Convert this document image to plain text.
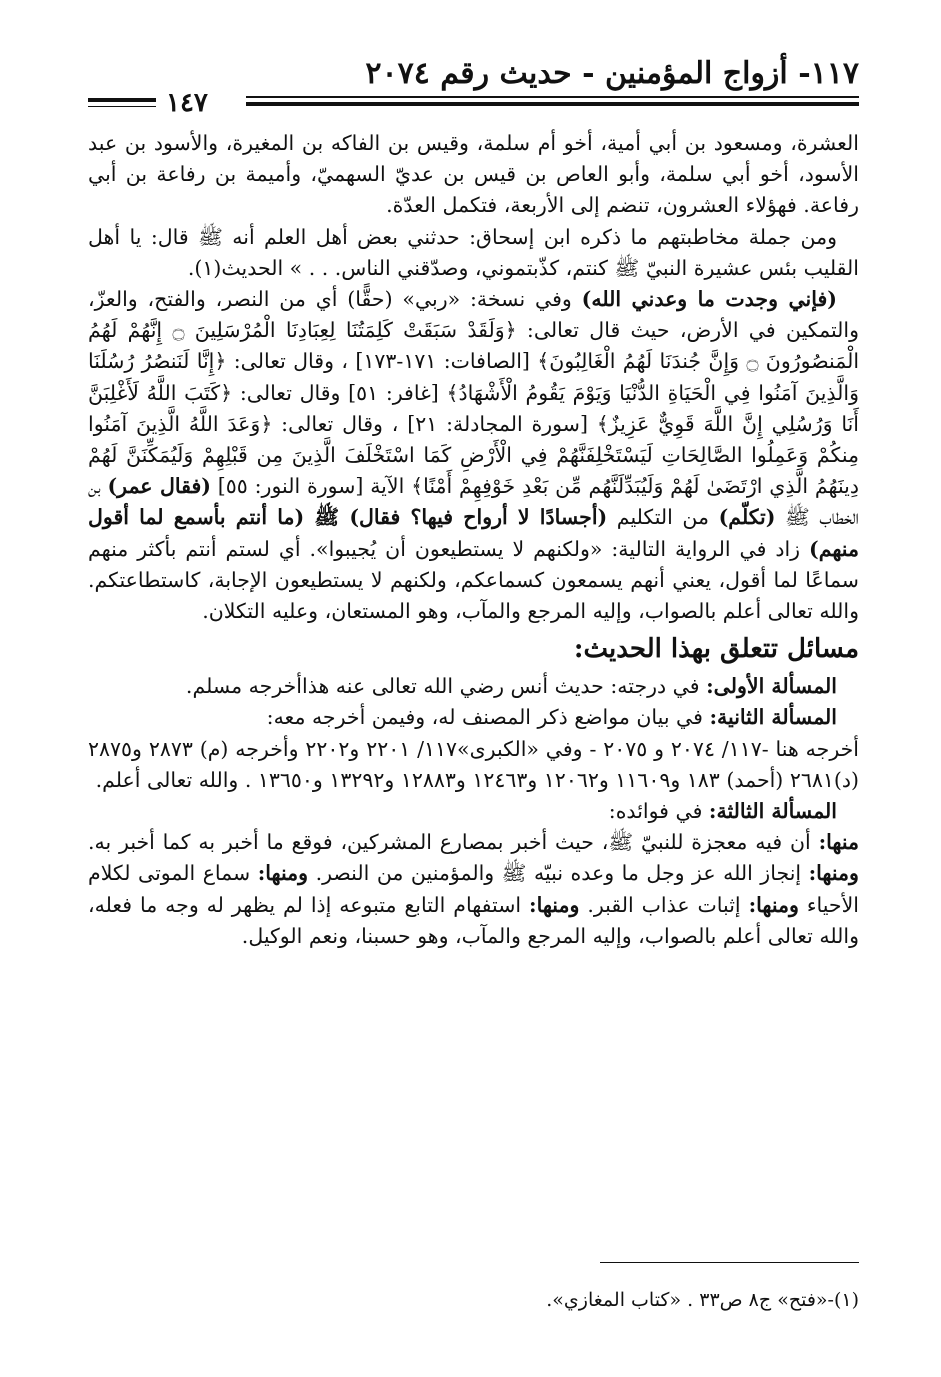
١١٧- أزواج المؤمنين - حديث رقم ٢٠٧٤
١٤٧

العشرة، ومسعود بن أبي أمية، أخو أم سلمة، وقيس بن الفاكه بن المغيرة، والأسود بن عبد الأسود، أخو أبي سلمة، وأبو العاص بن قيس بن عديّ السهميّ، وأميمة بن رفاعة بن أبي رفاعة. فهؤلاء العشرون، تنضم إلى الأربعة، فتكمل العدّة.

ومن جملة مخاطبتهم ما ذكره ابن إسحاق: حدثني بعض أهل العلم أنه ﷺ قال: يا أهل القليب بئس عشيرة النبيّ ﷺ كنتم، كذّبتموني، وصدّقني الناس. . . » الحديث(١).

(فإني وجدت ما وعدني الله) وفي نسخة: «ربي» (حقًّا) أي من النصر، والفتح، والعزّ، والتمكين في الأرض، حيث قال تعالى: ﴿وَلَقَدْ سَبَقَتْ كَلِمَتُنَا لِعِبَادِنَا الْمُرْسَلِينَ ۝ إِنَّهُمْ لَهُمُ الْمَنصُورُونَ ۝ وَإِنَّ جُندَنَا لَهُمُ الْغَالِبُونَ﴾ [الصافات: ١٧١-١٧٣] ، وقال تعالى: ﴿إِنَّا لَنَنصُرُ رُسُلَنَا وَالَّذِينَ آمَنُوا فِي الْحَيَاةِ الدُّنْيَا وَيَوْمَ يَقُومُ الْأَشْهَادُ﴾ [غافر: ٥١] وقال تعالى: ﴿كَتَبَ اللَّهُ لَأَغْلِبَنَّ أَنَا وَرُسُلِي إِنَّ اللَّهَ قَوِيٌّ عَزِيزٌ﴾ [سورة المجادلة: ٢١] ، وقال تعالى: ﴿وَعَدَ اللَّهُ الَّذِينَ آمَنُوا مِنكُمْ وَعَمِلُوا الصَّالِحَاتِ لَيَسْتَخْلِفَنَّهُمْ فِي الْأَرْضِ كَمَا اسْتَخْلَفَ الَّذِينَ مِن قَبْلِهِمْ وَلَيُمَكِّنَنَّ لَهُمْ دِينَهُمُ الَّذِي ارْتَضَىٰ لَهُمْ وَلَيُبَدِّلَنَّهُم مِّن بَعْدِ خَوْفِهِمْ أَمْنًا﴾ الآية [سورة النور: ٥٥] (فقال عمر) بن الخطاب ﷺ (تكلّم) من التكليم (أجسادًا لا أرواح فيها؟ فقال) ﷺ (ما أنتم بأسمع لما أقول منهم) زاد في الرواية التالية: «ولكنهم لا يستطيعون أن يُجيبوا». أي لستم أنتم بأكثر منهم سماعًا لما أقول، يعني أنهم يسمعون كسماعكم، ولكنهم لا يستطيعون الإجابة، كاستطاعتكم. والله تعالى أعلم بالصواب، وإليه المرجع والمآب، وهو المستعان، وعليه التكلان.

مسائل تتعلق بهذا الحديث:

المسألة الأولى: في درجته: حديث أنس رضي الله تعالى عنه هذاأخرجه مسلم.

المسألة الثانية: في بيان مواضع ذكر المصنف له، وفيمن أخرجه معه:

أخرجه هنا -١١٧/ ٢٠٧٤ و ٢٠٧٥ - وفي «الكبرى»١١٧/ ٢٢٠١ و٢٢٠٢ وأخرجه (م) ٢٨٧٣ و٢٨٧٥ (د)٢٦٨١ (أحمد) ١٨٣ و١١٦٠٩ و١٢٠٦٢ و١٢٤٦٣ و١٢٨٨٣ و١٣٢٩٢ و١٣٦٥٠ . والله تعالى أعلم.

المسألة الثالثة: في فوائده:

منها: أن فيه معجزة للنبيّ ﷺ، حيث أخبر بمصارع المشركين، فوقع ما أخبر به كما أخبر به. ومنها: إنجاز الله عز وجل ما وعده نبيّه ﷺ والمؤمنين من النصر. ومنها: سماع الموتى لكلام الأحياء ومنها: إثبات عذاب القبر. ومنها: استفهام التابع متبوعه إذا لم يظهر له وجه ما فعله، والله تعالى أعلم بالصواب، وإليه المرجع والمآب، وهو حسبنا، ونعم الوكيل.

(١)-«فتح» ج٨ ص٣٣ . «كتاب المغازي».
